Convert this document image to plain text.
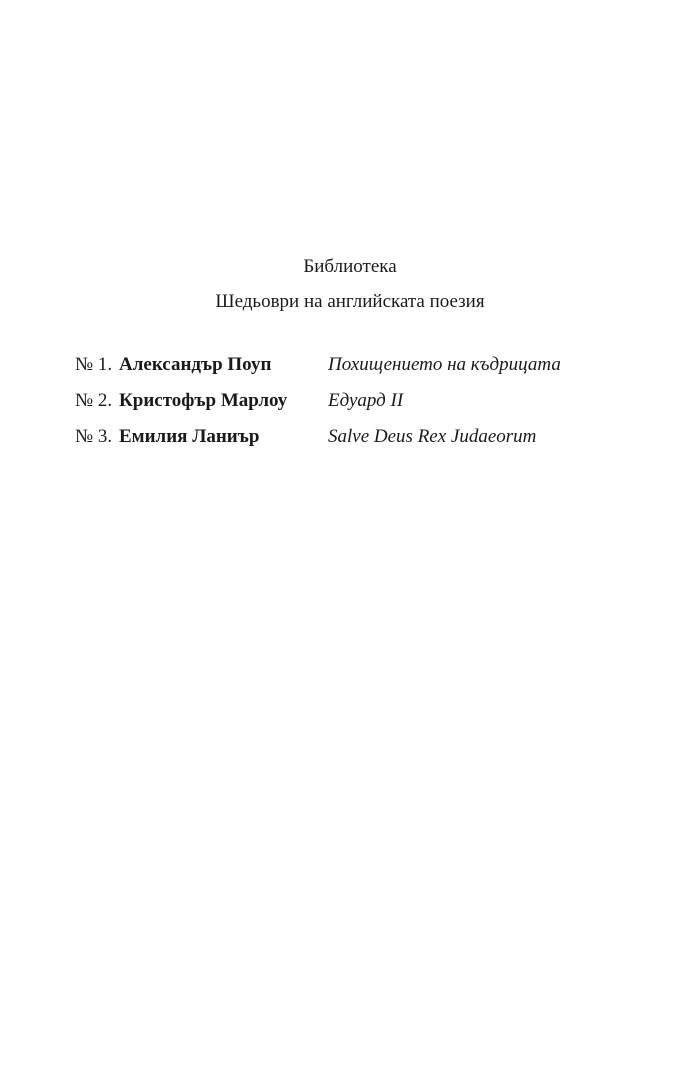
Библиотека
Шедьоври на английската поезия
№ 1. Александър Поуп	Похищението на къдрицата
№ 2. Кристофър Марлоу Едуард II
№ 3. Емилия Ланиър	Salve Deus Rex Judaeorum
